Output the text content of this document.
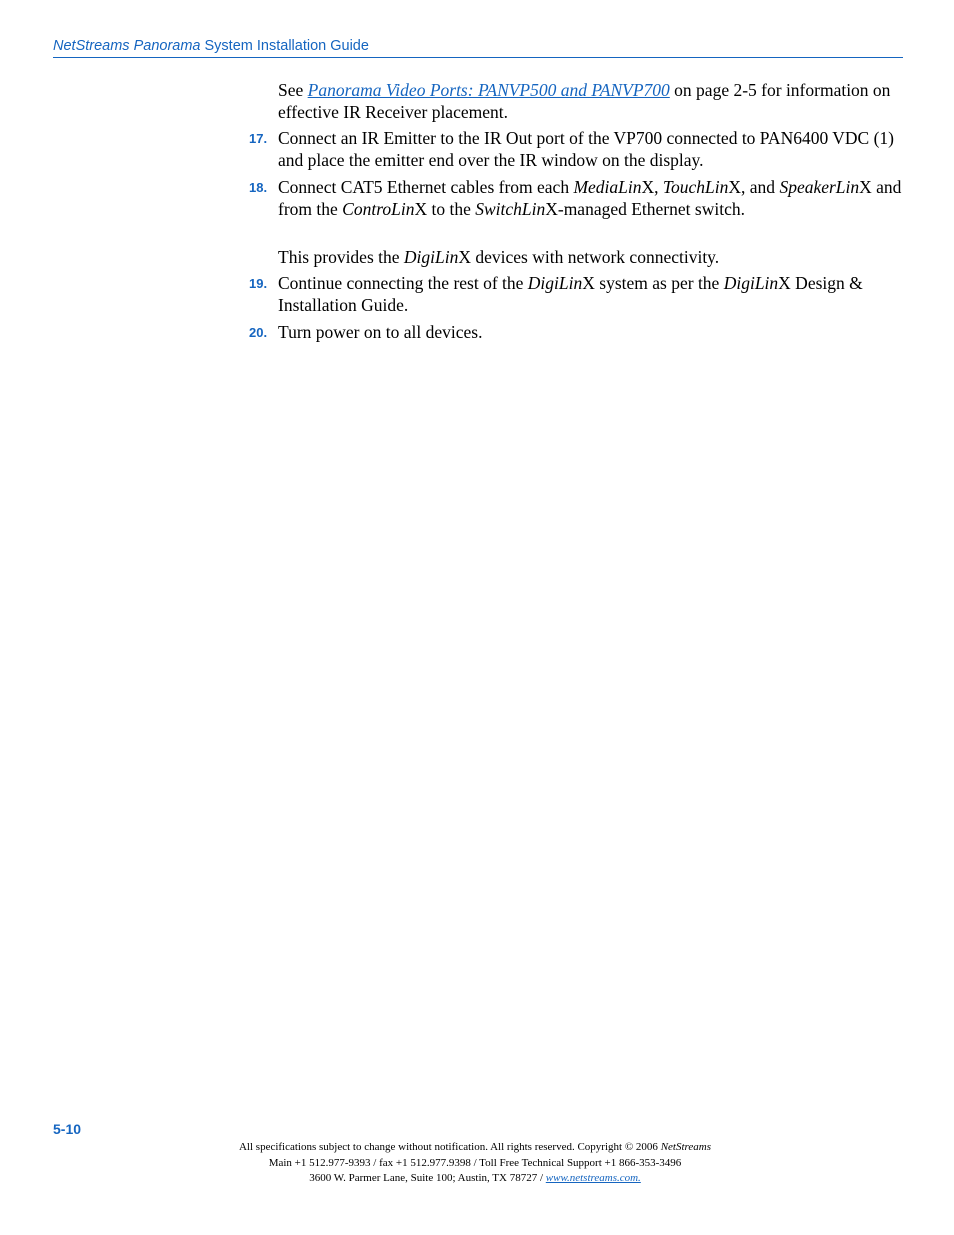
NetStreams Panorama System Installation Guide
See Panorama Video Ports: PANVP500 and PANVP700 on page 2-5 for information on effective IR Receiver placement.
17. Connect an IR Emitter to the IR Out port of the VP700 connected to PAN6400 VDC (1) and place the emitter end over the IR window on the display.
18. Connect CAT5 Ethernet cables from each MediaLinX, TouchLinX, and SpeakerLinX and from the ControLinX to the SwitchLinX-managed Ethernet switch.
This provides the DigiLinX devices with network connectivity.
19. Continue connecting the rest of the DigiLinX system as per the DigiLinX Design & Installation Guide.
20. Turn power on to all devices.
5-10
All specifications subject to change without notification. All rights reserved. Copyright © 2006 NetStreams
Main +1 512.977-9393 / fax +1 512.977.9398 / Toll Free Technical Support +1 866-353-3496
3600 W. Parmer Lane, Suite 100; Austin, TX 78727 / www.netstreams.com.
